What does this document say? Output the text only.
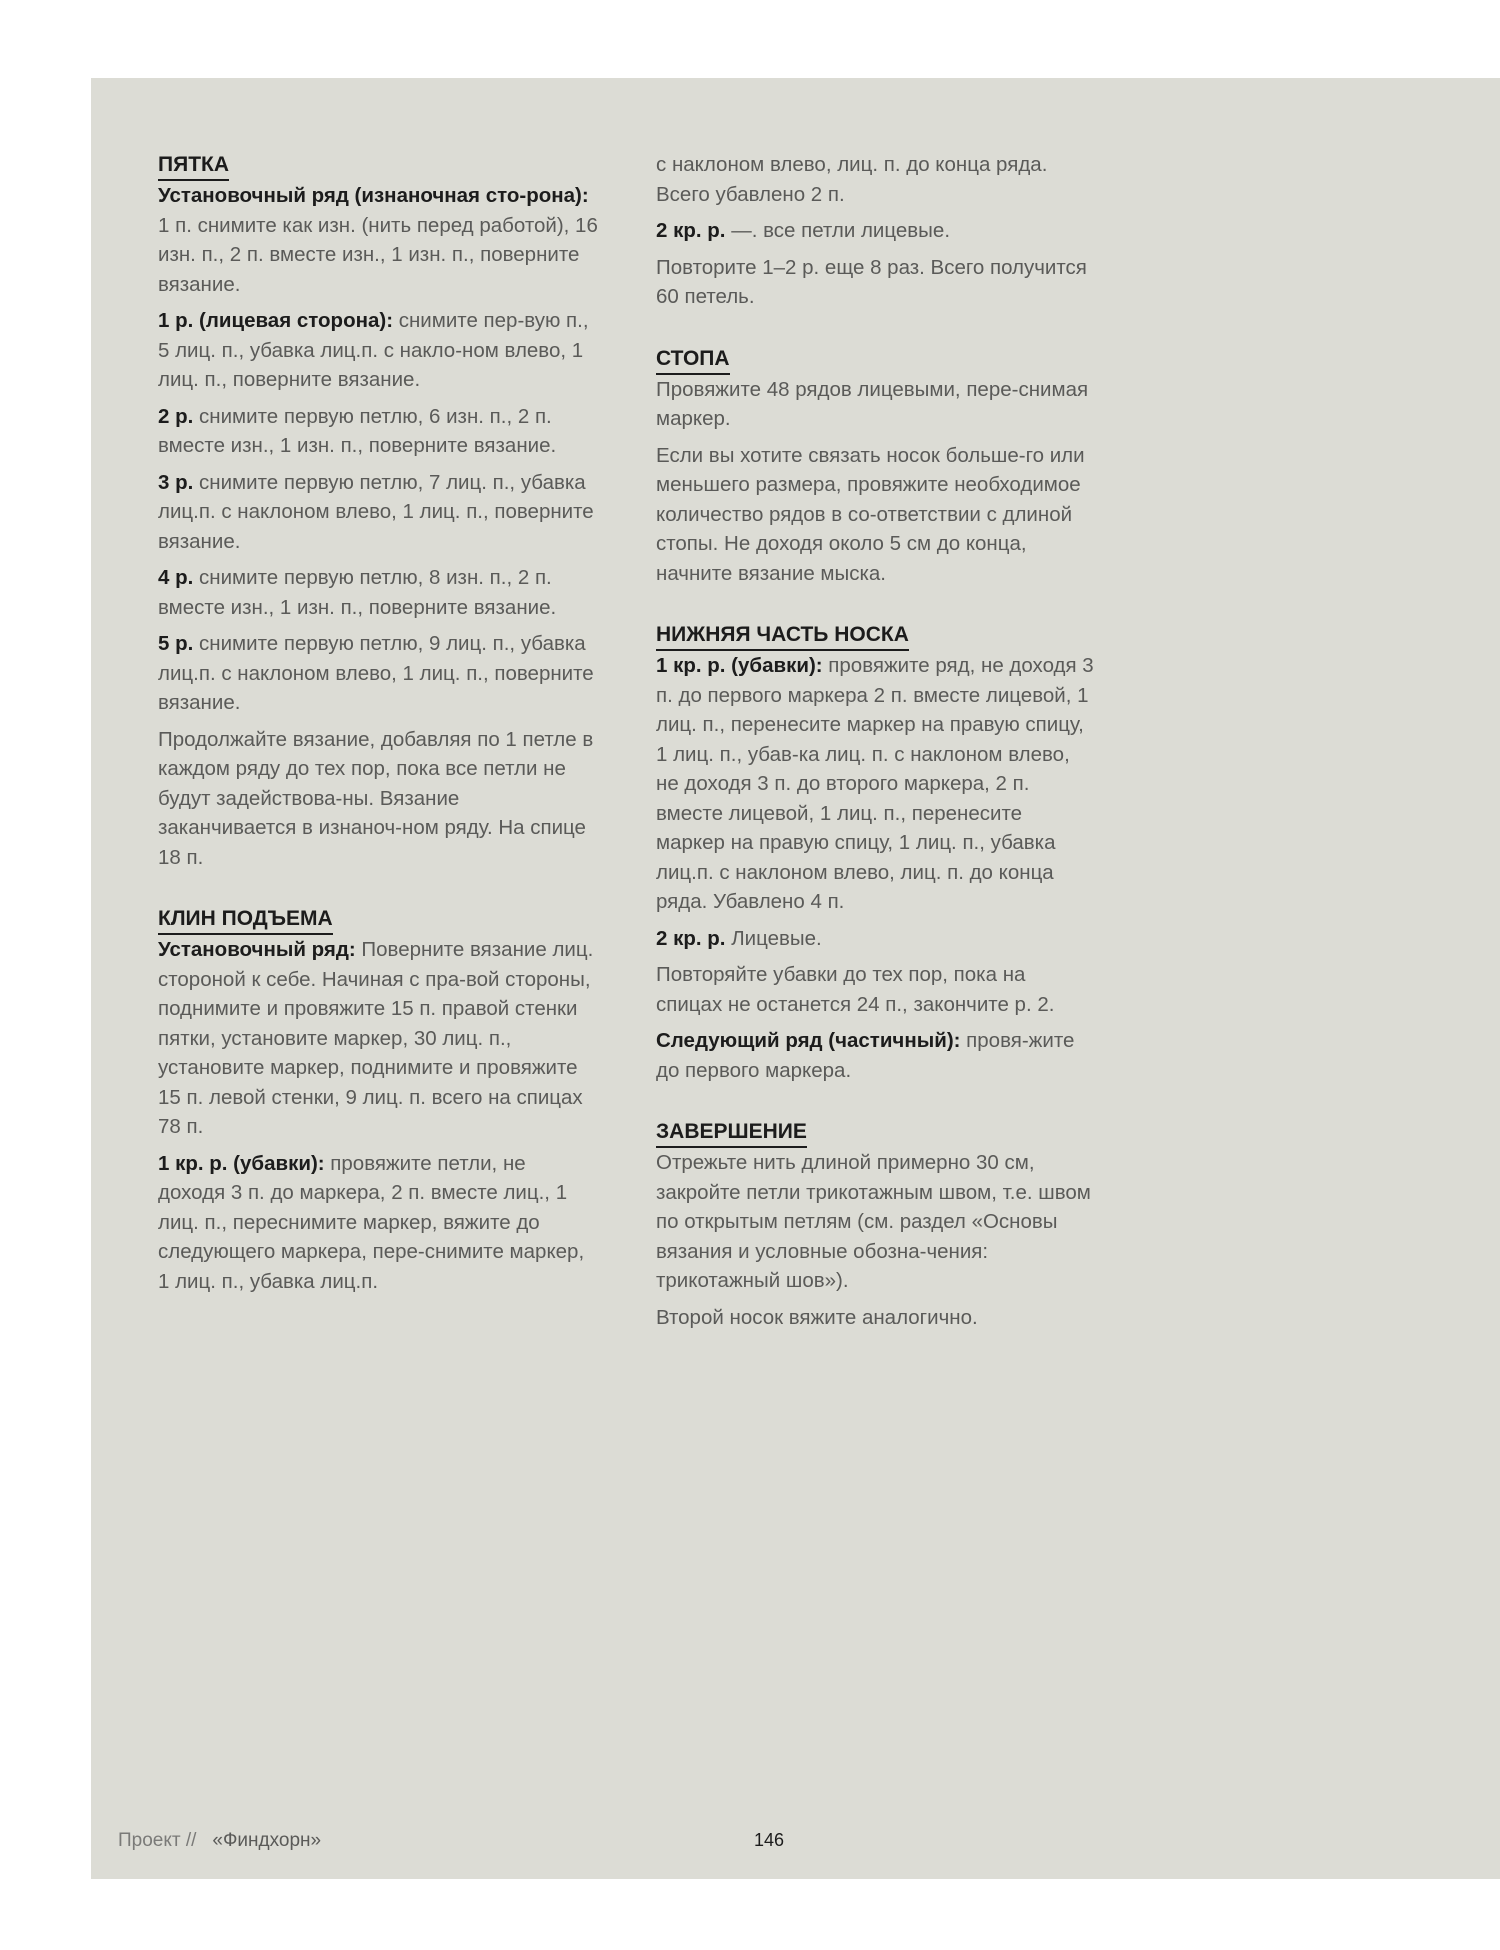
ПЯТКА

Установочный ряд (изнаночная сто-рона): 1 п. снимите как изн. (нить перед работой), 16 изн. п., 2 п. вместе изн., 1 изн. п., поверните вязание.

1 р. (лицевая сторона): снимите пер-вую п., 5 лиц. п., убавка лиц.п. с накло-ном влево, 1 лиц. п., поверните вязание.

2 р. снимите первую петлю, 6 изн. п., 2 п. вместе изн., 1 изн. п., поверните вязание.

3 р. снимите первую петлю, 7 лиц. п., убавка лиц.п. с наклоном влево, 1 лиц. п., поверните вязание.

4 р. снимите первую петлю, 8 изн. п., 2 п. вместе изн., 1 изн. п., поверните вязание.

5 р. снимите первую петлю, 9 лиц. п., убавка лиц.п. с наклоном влево, 1 лиц. п., поверните вязание.

Продолжайте вязание, добавляя по 1 петле в каждом ряду до тех пор, пока все петли не будут задействова-ны. Вязание заканчивается в изнаноч-ном ряду. На спице 18 п.

КЛИН ПОДЪЕМА

Установочный ряд: Поверните вязание лиц. стороной к себе. Начиная с пра-вой стороны, поднимите и провяжите 15 п. правой стенки пятки, установите маркер, 30 лиц. п., установите маркер, поднимите и провяжите 15 п. левой стенки, 9 лиц. п. всего на спицах 78 п.

1 кр. р. (убавки): провяжите петли, не доходя 3 п. до маркера, 2 п. вместе лиц., 1 лиц. п., переснимите маркер, вяжите до следующего маркера, пере-снимите маркер, 1 лиц. п., убавка лиц.п.

с наклоном влево, лиц. п. до конца ряда. Всего убавлено 2 п.

2 кр. р. —. все петли лицевые.

Повторите 1–2 р. еще 8 раз. Всего получится 60 петель.

СТОПА

Провяжите 48 рядов лицевыми, пере-снимая маркер.

Если вы хотите связать носок больше-го или меньшего размера, провяжите необходимое количество рядов в со-ответствии с длиной стопы. Не доходя около 5 см до конца, начните вязание мыска.

НИЖНЯЯ ЧАСТЬ НОСКА

1 кр. р. (убавки): провяжите ряд, не доходя 3 п. до первого маркера 2 п. вместе лицевой, 1 лиц. п., перенесите маркер на правую спицу, 1 лиц. п., убав-ка лиц. п. с наклоном влево, не доходя 3 п. до второго маркера, 2 п. вместе лицевой, 1 лиц. п., перенесите маркер на правую спицу, 1 лиц. п., убавка лиц.п. с наклоном влево, лиц. п. до конца ряда. Убавлено 4 п.

2 кр. р. Лицевые.

Повторяйте убавки до тех пор, пока на спицах не останется 24 п., закончите р. 2.

Следующий ряд (частичный): провя-жите до первого маркера.

ЗАВЕРШЕНИЕ

Отрежьте нить длиной примерно 30 см, закройте петли трикотажным швом, т.е. швом по открытым петлям (см. раздел «Основы вязания и условные обозна-чения: трикотажный шов»).

Второй носок вяжите аналогично.

Проект // «Финдхорн»	146
